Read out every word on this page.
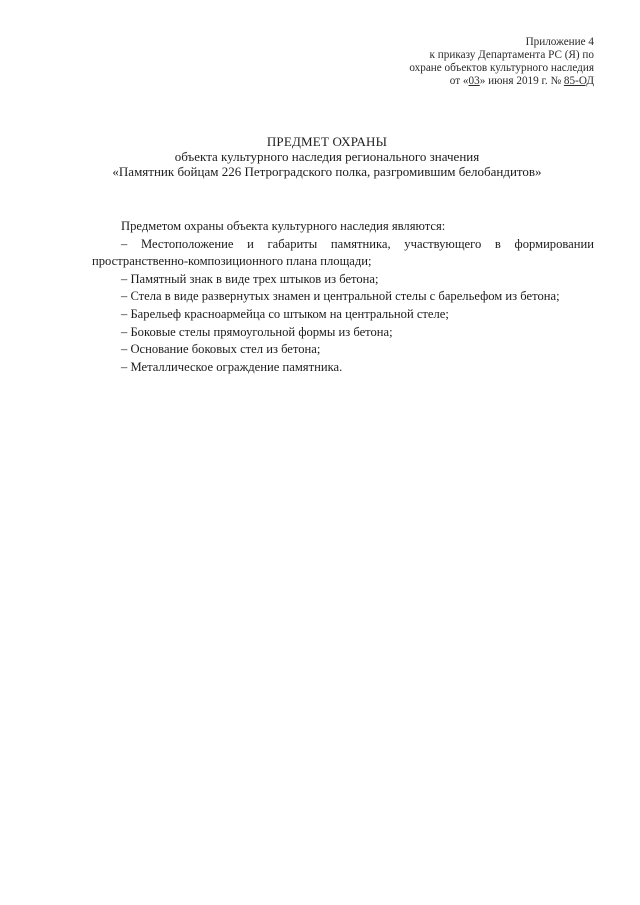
Приложение 4
к приказу Департамента РС (Я) по
охране объектов культурного наследия
от «03» июня 2019 г. № 85-ОД
ПРЕДМЕТ ОХРАНЫ
объекта культурного наследия регионального значения
«Памятник бойцам 226 Петроградского полка, разгромившим белобандитов»

Предметом охраны объекта культурного наследия являются:

– Местоположение и габариты памятника, участвующего в формировании

пространственно-композиционного плана площади;

– Памятный знак в виде трех штыков из бетона;

– Стела в виде развернутых знамен и центральной стелы с барельефом из бетона;

– Барельеф красноармейца со штыком на центральной стеле;

– Боковые стелы прямоугольной формы из бетона;

– Основание боковых стел из бетона;

– Металлическое ограждение памятника.
